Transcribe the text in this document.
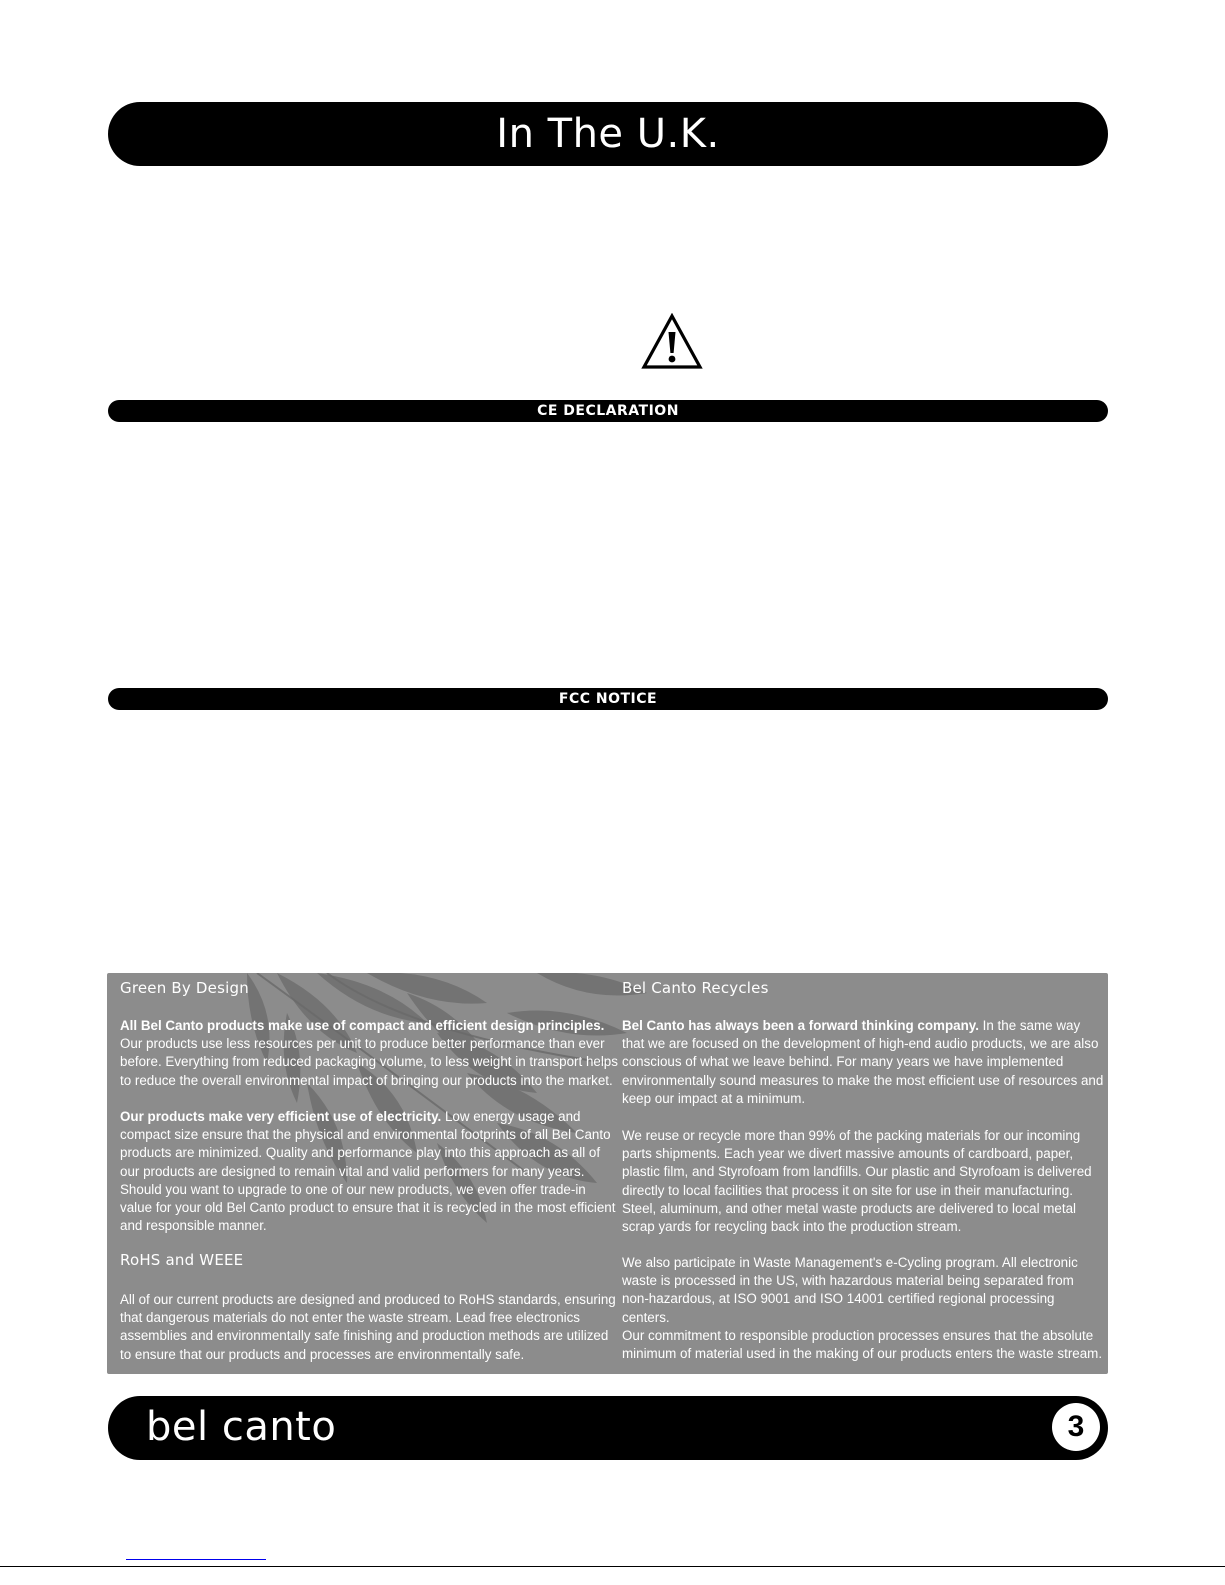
In The U.K.
CE DECLARATION
FCC NOTICE
Green By Design

All Bel Canto products make use of compact and efficient design principles. Our products use less resources per unit to produce better performance than ever before. Everything from reduced packaging volume, to less weight in transport helps to reduce the overall environmental impact of bringing our products into the market.

Our products make very efficient use of electricity. Low energy usage and compact size ensure that the physical and environmental footprints of all Bel Canto products are minimized. Quality and performance play into this approach as all of our products are designed to remain vital and valid performers for many years. Should you want to upgrade to one of our new products, we even offer trade-in value for your old Bel Canto product to ensure that it is recycled in the most efficient and responsible manner.

RoHS and WEEE

All of our current products are designed and produced to RoHS standards, ensuring that dangerous materials do not enter the waste stream. Lead free electronics assemblies and environmentally safe finishing and production methods are utilized to ensure that our products and processes are environmentally safe.

Bel Canto Recycles

Bel Canto has always been a forward thinking company. In the same way that we are focused on the development of high-end audio products, we are also conscious of what we leave behind. For many years we have implemented environmentally sound measures to make the most efficient use of resources and keep our impact at a minimum.

We reuse or recycle more than 99% of the packing materials for our incoming parts shipments. Each year we divert massive amounts of cardboard, paper, plastic film, and Styrofoam from landfills. Our plastic and Styrofoam is delivered directly to local facilities that process it on site for use in their manufacturing. Steel, aluminum, and other metal waste products are delivered to local metal scrap yards for recycling back into the production stream.

We also participate in Waste Management's e-Cycling program. All electronic waste is processed in the US, with hazardous material being separated from non-hazardous, at ISO 9001 and ISO 14001 certified regional processing centers.

Our commitment to responsible production processes ensures that the absolute minimum of material used in the making of our products enters the waste stream.

bel canto	3
